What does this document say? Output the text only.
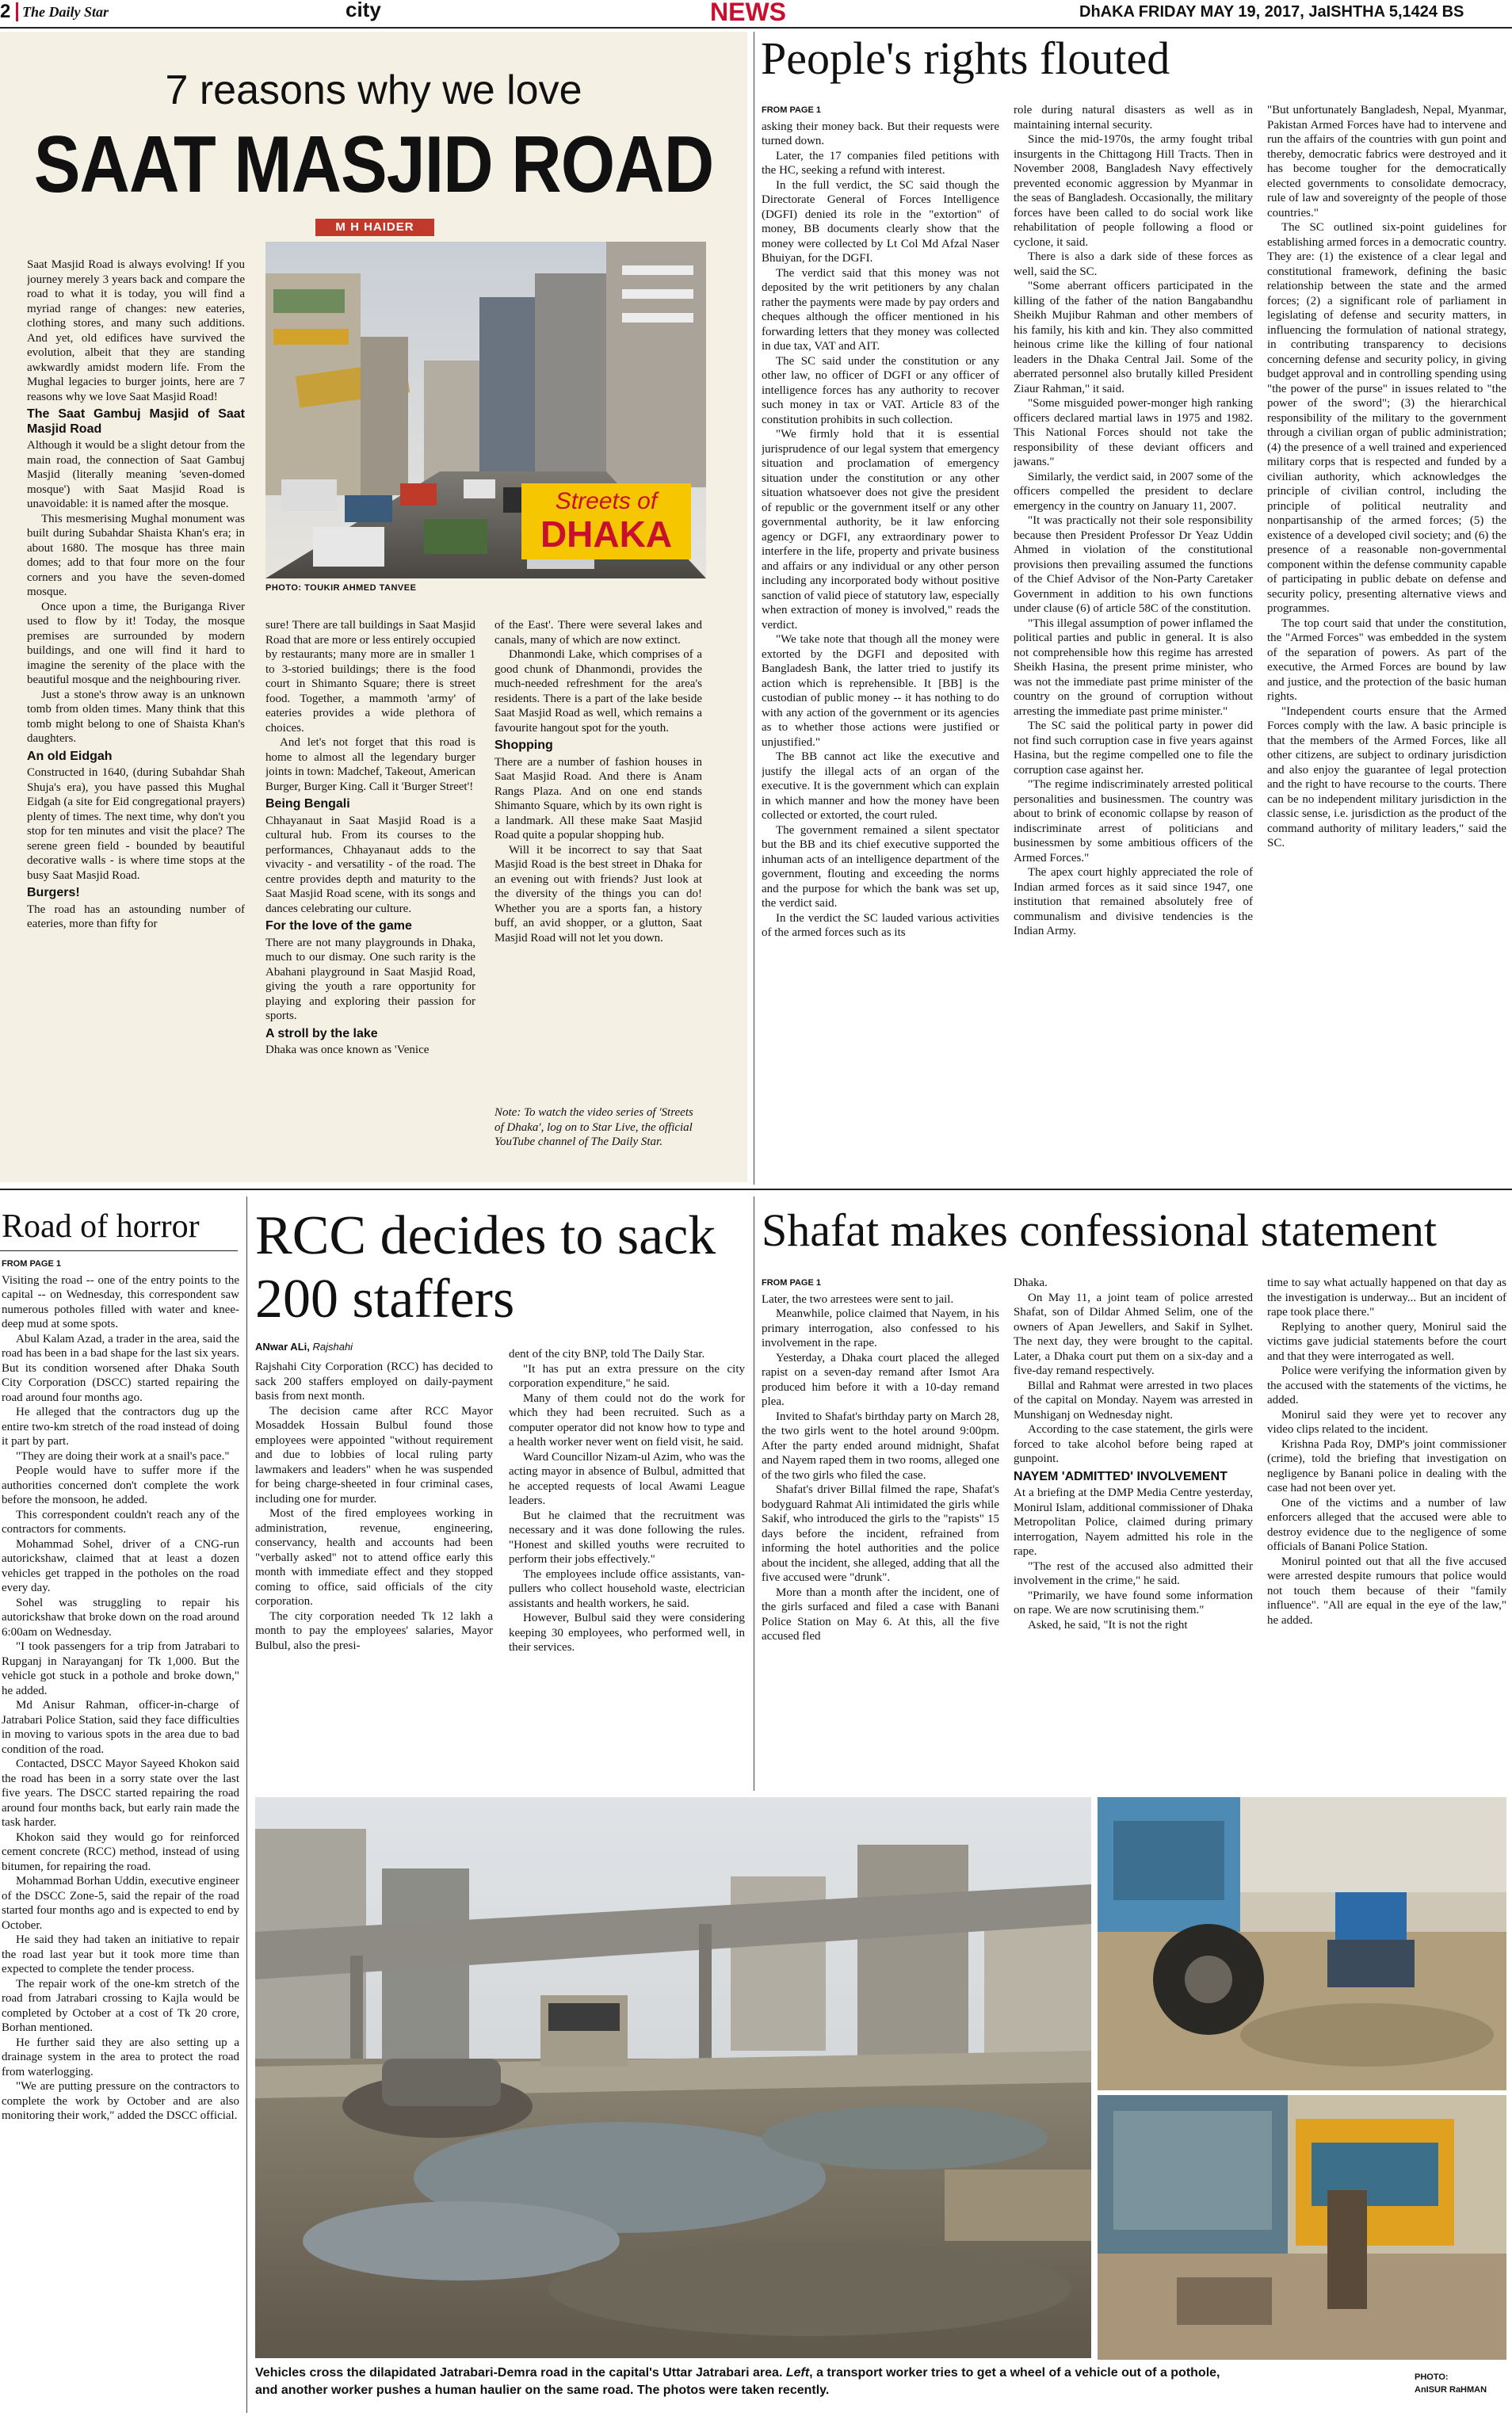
2 The Daily Star	city	NEWS	DhAKA FRIDAY MAY 19, 2017, JaISHTHA 5,1424 BS
7 reasons why we love
SAAT MASJID ROAD
M H HAIDER
Streets of
DHAKA
PHOTO: TOUKIR AHMED TANVEE

Saat Masjid Road is always evolving! If you journey merely 3 years back and compare the road to what it is today, you will find a myriad range of changes: new eateries, clothing stores, and many such additions. And yet, old edifices have survived the evolution, albeit that they are standing awkwardly amidst modern life. From the Mughal legacies to burger joints, here are 7 reasons why we love Saat Masjid Road!

The Saat Gambuj Masjid of Saat Masjid Road

Although it would be a slight detour from the main road, the connection of Saat Gambuj Masjid (literally meaning 'seven-domed mosque') with Saat Masjid Road is unavoidable: it is named after the mosque.

This mesmerising Mughal monument was built during Subahdar Shaista Khan's era; in about 1680. The mosque has three main domes; add to that four more on the four corners and you have the seven-domed mosque.

Once upon a time, the Buriganga River used to flow by it! Today, the mosque premises are surrounded by modern buildings, and one will find it hard to imagine the serenity of the place with the beautiful mosque and the neighbouring river.

Just a stone's throw away is an unknown tomb from olden times. Many think that this tomb might belong to one of Shaista Khan's daughters.

An old Eidgah

Constructed in 1640, (during Subahdar Shah Shuja's era), you have passed this Mughal Eidgah (a site for Eid congregational prayers) plenty of times. The next time, why don't you stop for ten minutes and visit the place? The serene green field - bounded by beautiful decorative walls - is where time stops at the busy Saat Masjid Road.

Burgers!

The road has an astounding number of eateries, more than fifty for

sure! There are tall buildings in Saat Masjid Road that are more or less entirely occupied by restaurants; many more are in smaller 1 to 3-storied buildings; there is the food court in Shimanto Square; there is street food. Together, a mammoth 'army' of eateries provides a wide plethora of choices.

And let's not forget that this road is home to almost all the legendary burger joints in town: Madchef, Takeout, American Burger, Burger King. Call it 'Burger Street'!

Being Bengali

Chhayanaut in Saat Masjid Road is a cultural hub. From its courses to the performances, Chhayanaut adds to the vivacity - and versatility - of the road. The centre provides depth and maturity to the Saat Masjid Road scene, with its songs and dances celebrating our culture.

For the love of the game

There are not many playgrounds in Dhaka, much to our dismay. One such rarity is the Abahani playground in Saat Masjid Road, giving the youth a rare opportunity for playing and exploring their passion for sports.

A stroll by the lake

Dhaka was once known as 'Venice

of the East'. There were several lakes and canals, many of which are now extinct.

Dhanmondi Lake, which comprises of a good chunk of Dhanmondi, provides the much-needed refreshment for the area's residents. There is a part of the lake beside Saat Masjid Road as well, which remains a favourite hangout spot for the youth.

Shopping

There are a number of fashion houses in Saat Masjid Road. And there is Anam Rangs Plaza. And on one end stands Shimanto Square, which by its own right is a landmark. All these make Saat Masjid Road quite a popular shopping hub.

Will it be incorrect to say that Saat Masjid Road is the best street in Dhaka for an evening out with friends? Just look at the diversity of the things you can do! Whether you are a sports fan, a history buff, an avid shopper, or a glutton, Saat Masjid Road will not let you down.

Note: To watch the video series of 'Streets of Dhaka', log on to Star Live, the official YouTube channel of The Daily Star.
People's rights flouted
FROM PAGE 1

asking their money back. But their requests were turned down.

Later, the 17 companies filed petitions with the HC, seeking a refund with interest.

In the full verdict, the SC said though the Directorate General of Forces Intelligence (DGFI) denied its role in the "extortion" of money, BB documents clearly show that the money were collected by Lt Col Md Afzal Naser Bhuiyan, for the DGFI.

The verdict said that this money was not deposited by the writ petitioners by any chalan rather the payments were made by pay orders and cheques although the officer mentioned in his forwarding letters that they money was collected in due tax, VAT and AIT.

The SC said under the constitution or any other law, no officer of DGFI or any officer of intelligence forces has any authority to recover such money in tax or VAT. Article 83 of the constitution prohibits in such collection.

"We firmly hold that it is essential jurisprudence of our legal system that emergency situation and proclamation of emergency situation under the constitution or any other situation whatsoever does not give the president of republic or the government itself or any other governmental authority, be it law enforcing agency or DGFI, any extraordinary power to interfere in the life, property and private business and affairs or any individual or any other person including any incorporated body without positive sanction of valid piece of statutory law, especially when extraction of money is involved," reads the verdict.

"We take note that though all the money were extorted by the DGFI and deposited with Bangladesh Bank, the latter tried to justify its action which is reprehensible. It [BB] is the custodian of public money -- it has nothing to do with any action of the government or its agencies as to whether those actions were justified or unjustified."

The BB cannot act like the executive and justify the illegal acts of an organ of the executive. It is the government which can explain in which manner and how the money have been collected or extorted, the court ruled.

The government remained a silent spectator but the BB and its chief executive supported the inhuman acts of an intelligence department of the government, flouting and exceeding the norms and the purpose for which the bank was set up, the verdict said.

In the verdict the SC lauded various activities of the armed forces such as its

role during natural disasters as well as in maintaining internal security.

Since the mid-1970s, the army fought tribal insurgents in the Chittagong Hill Tracts. Then in November 2008, Bangladesh Navy effectively prevented economic aggression by Myanmar in the seas of Bangladesh. Occasionally, the military forces have been called to do social work like rehabilitation of people following a flood or cyclone, it said.

There is also a dark side of these forces as well, said the SC.

"Some aberrant officers participated in the killing of the father of the nation Bangabandhu Sheikh Mujibur Rahman and other members of his family, his kith and kin. They also committed heinous crime like the killing of four national leaders in the Dhaka Central Jail. Some of the aberrated personnel also brutally killed President Ziaur Rahman," it said.

"Some misguided power-monger high ranking officers declared martial laws in 1975 and 1982. This National Forces should not take the responsibility of these deviant officers and jawans."

Similarly, the verdict said, in 2007 some of the officers compelled the president to declare emergency in the country on January 11, 2007.

"It was practically not their sole responsibility because then President Professor Dr Yeaz Uddin Ahmed in violation of the constitutional provisions then prevailing assumed the functions of the Chief Advisor of the Non-Party Caretaker Government in addition to his own functions under clause (6) of article 58C of the constitution.

"This illegal assumption of power inflamed the political parties and public in general. It is also not comprehensible how this regime has arrested Sheikh Hasina, the present prime minister, who was not the immediate past prime minister of the country on the ground of corruption without arresting the immediate past prime minister."

The SC said the political party in power did not find such corruption case in five years against Hasina, but the regime compelled one to file the corruption case against her.

"The regime indiscriminately arrested political personalities and businessmen. The country was about to brink of economic collapse by reason of indiscriminate arrest of politicians and businessmen by some ambitious officers of the Armed Forces."

The apex court highly appreciated the role of Indian armed forces as it said since 1947, one institution that remained absolutely free of communalism and divisive tendencies is the Indian Army.

"But unfortunately Bangladesh, Nepal, Myanmar, Pakistan Armed Forces have had to intervene and run the affairs of the countries with gun point and thereby, democratic fabrics were destroyed and it has become tougher for the democratically elected governments to consolidate democracy, rule of law and sovereignty of the people of those countries."

The SC outlined six-point guidelines for establishing armed forces in a democratic country. They are: (1) the existence of a clear legal and constitutional framework, defining the basic relationship between the state and the armed forces; (2) a significant role of parliament in legislating of defense and security matters, in influencing the formulation of national strategy, in contributing transparency to decisions concerning defense and security policy, in giving budget approval and in controlling spending using "the power of the purse" in issues related to "the power of the sword"; (3) the hierarchical responsibility of the military to the government through a civilian organ of public administration; (4) the presence of a well trained and experienced military corps that is respected and funded by a civilian authority, which acknowledges the principle of civilian control, including the principle of political neutrality and nonpartisanship of the armed forces; (5) the existence of a developed civil society; and (6) the presence of a reasonable non-governmental component within the defense community capable of participating in public debate on defense and security policy, presenting alternative views and programmes.

The top court said that under the constitution, the "Armed Forces" was embedded in the system of the separation of powers. As part of the executive, the Armed Forces are bound by law and justice, and the protection of the basic human rights.

"Independent courts ensure that the Armed Forces comply with the law. A basic principle is that the members of the Armed Forces, like all other citizens, are subject to ordinary jurisdiction and also enjoy the guarantee of legal protection and the right to have recourse to the courts. There can be no independent military jurisdiction in the classic sense, i.e. jurisdiction as the product of the command authority of military leaders," said the SC.

Road of horror
FROM PAGE 1

Visiting the road -- one of the entry points to the capital -- on Wednesday, this correspondent saw numerous potholes filled with water and knee-deep mud at some spots.

Abul Kalam Azad, a trader in the area, said the road has been in a bad shape for the last six years. But its condition worsened after Dhaka South City Corporation (DSCC) started repairing the road around four months ago.

He alleged that the contractors dug up the entire two-km stretch of the road instead of doing it part by part.

"They are doing their work at a snail's pace."

People would have to suffer more if the authorities concerned don't complete the work before the monsoon, he added.

This correspondent couldn't reach any of the contractors for comments.

Mohammad Sohel, driver of a CNG-run autorickshaw, claimed that at least a dozen vehicles get trapped in the potholes on the road every day.

Sohel was struggling to repair his autorickshaw that broke down on the road around 6:00am on Wednesday.

"I took passengers for a trip from Jatrabari to Rupganj in Narayanganj for Tk 1,000. But the vehicle got stuck in a pothole and broke down," he added.

Md Anisur Rahman, officer-in-charge of Jatrabari Police Station, said they face difficulties in moving to various spots in the area due to bad condition of the road.

Contacted, DSCC Mayor Sayeed Khokon said the road has been in a sorry state over the last five years. The DSCC started repairing the road around four months back, but early rain made the task harder.

Khokon said they would go for reinforced cement concrete (RCC) method, instead of using bitumen, for repairing the road.

Mohammad Borhan Uddin, executive engineer of the DSCC Zone-5, said the repair of the road started four months ago and is expected to end by October.

He said they had taken an initiative to repair the road last year but it took more time than expected to complete the tender process.

The repair work of the one-km stretch of the road from Jatrabari crossing to Kajla would be completed by October at a cost of Tk 20 crore, Borhan mentioned.

He further said they are also setting up a drainage system in the area to protect the road from waterlogging.

"We are putting pressure on the contractors to complete the work by October and are also monitoring their work," added the DSCC official.

RCC decides to sack 200 staffers
ANwar ALi, Rajshahi

Rajshahi City Corporation (RCC) has decided to sack 200 staffers employed on daily-payment basis from next month.

The decision came after RCC Mayor Mosaddek Hossain Bulbul found those employees were appointed "without requirement and due to lobbies of local ruling party lawmakers and leaders" when he was suspended for being charge-sheeted in four criminal cases, including one for murder.

Most of the fired employees working in administration, revenue, engineering, conservancy, health and accounts had been "verbally asked" not to attend office early this month with immediate effect and they stopped coming to office, said officials of the city corporation.

The city corporation needed Tk 12 lakh a month to pay the employees' salaries, Mayor Bulbul, also the presi-

dent of the city BNP, told The Daily Star.

"It has put an extra pressure on the city corporation expenditure," he said.

Many of them could not do the work for which they had been recruited. Such as a computer operator did not know how to type and a health worker never went on field visit, he said.

Ward Councillor Nizam-ul Azim, who was the acting mayor in absence of Bulbul, admitted that he accepted requests of local Awami League leaders.

But he claimed that the recruitment was necessary and it was done following the rules. "Honest and skilled youths were recruited to perform their jobs effectively."

The employees include office assistants, van-pullers who collect household waste, electrician assistants and health workers, he said.

However, Bulbul said they were considering keeping 30 employees, who performed well, in their services.

Shafat makes confessional statement
FROM PAGE 1

Later, the two arrestees were sent to jail.

Meanwhile, police claimed that Nayem, in his primary interrogation, also confessed to his involvement in the rape.

Yesterday, a Dhaka court placed the alleged rapist on a seven-day remand after Ismot Ara produced him before it with a 10-day remand plea.

Invited to Shafat's birthday party on March 28, the two girls went to the hotel around 9:00pm. After the party ended around midnight, Shafat and Nayem raped them in two rooms, alleged one of the two girls who filed the case.

Shafat's driver Billal filmed the rape, Shafat's bodyguard Rahmat Ali intimidated the girls while Sakif, who introduced the girls to the "rapists" 15 days before the incident, refrained from informing the hotel authorities and the police about the incident, she alleged, adding that all the five accused were "drunk".

More than a month after the incident, one of the girls surfaced and filed a case with Banani Police Station on May 6. At this, all the five accused fled

Dhaka.

On May 11, a joint team of police arrested Shafat, son of Dildar Ahmed Selim, one of the owners of Apan Jewellers, and Sakif in Sylhet. The next day, they were brought to the capital. Later, a Dhaka court put them on a six-day and a five-day remand respectively.

Billal and Rahmat were arrested in two places of the capital on Monday. Nayem was arrested in Munshiganj on Wednesday night.

According to the case statement, the girls were forced to take alcohol before being raped at gunpoint.

NAYEM 'ADMITTED' INVOLVEMENT

At a briefing at the DMP Media Centre yesterday, Monirul Islam, additional commissioner of Dhaka Metropolitan Police, claimed during primary interrogation, Nayem admitted his role in the rape.

"The rest of the accused also admitted their involvement in the crime," he said.

"Primarily, we have found some information on rape. We are now scrutinising them."

Asked, he said, "It is not the right

time to say what actually happened on that day as the investigation is underway... But an incident of rape took place there."

Replying to another query, Monirul said the victims gave judicial statements before the court and that they were interrogated as well.

Police were verifying the information given by the accused with the statements of the victims, he added.

Monirul said they were yet to recover any video clips related to the incident.

Krishna Pada Roy, DMP's joint commissioner (crime), told the briefing that investigation on negligence by Banani police in dealing with the case had not been over yet.

One of the victims and a number of law enforcers alleged that the accused were able to destroy evidence due to the negligence of some officials of Banani Police Station.

Monirul pointed out that all the five accused were arrested despite rumours that police would not touch them because of their "family influence". "All are equal in the eye of the law," he added.

Vehicles cross the dilapidated Jatrabari-Demra road in the capital's Uttar Jatrabari area. Left, a transport worker tries to get a wheel of a vehicle out of a pothole, and another worker pushes a human haulier on the same road. The photos were taken recently.
PHOTO:
AnISUR RaHMAN
